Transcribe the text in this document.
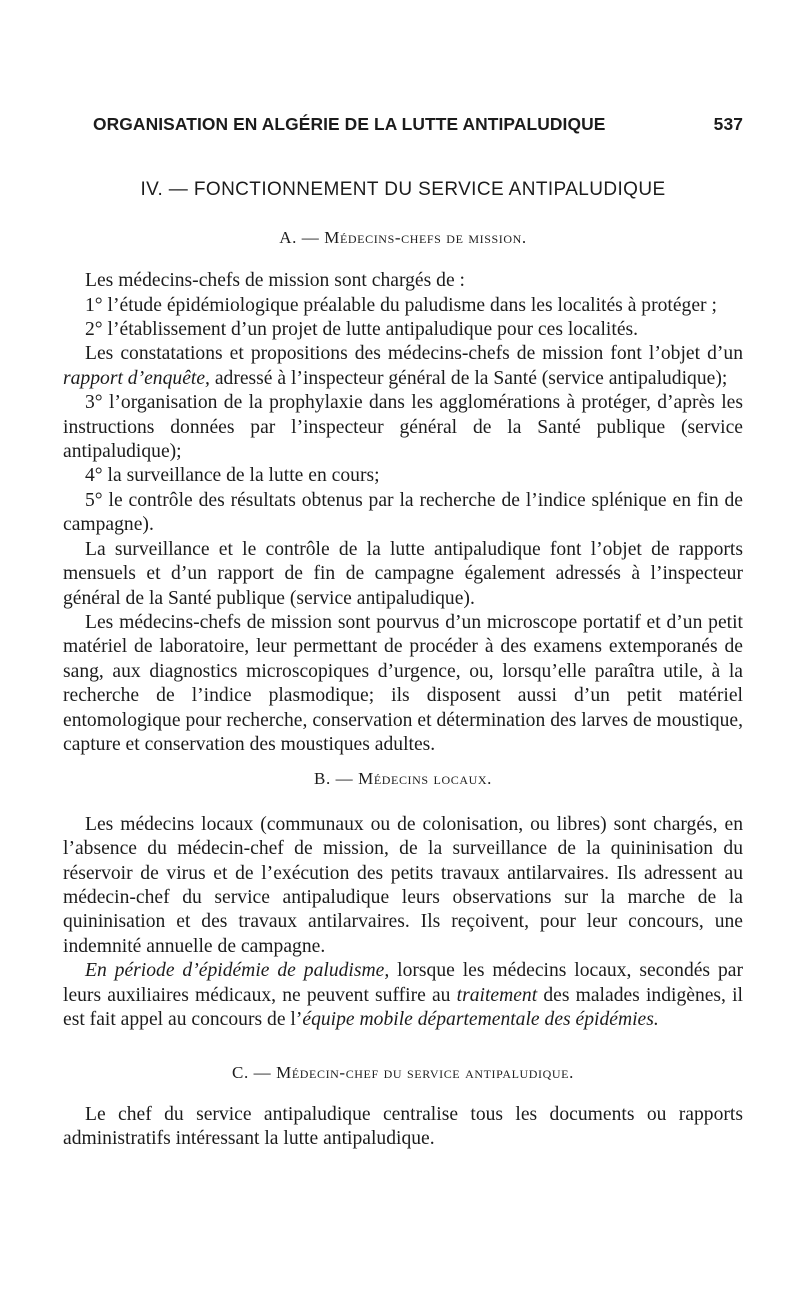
ORGANISATION EN ALGÉRIE DE LA LUTTE ANTIPALUDIQUE	537
IV. — FONCTIONNEMENT DU SERVICE ANTIPALUDIQUE
A. — Médecins-chefs de mission.

Les médecins-chefs de mission sont chargés de :

1° l’étude épidémiologique préalable du paludisme dans les localités à protéger ;

2° l’établissement d’un projet de lutte antipaludique pour ces localités.

Les constatations et propositions des médecins-chefs de mission font l’objet d’un rapport d’enquête, adressé à l’inspecteur général de la Santé (service antipaludique);

3° l’organisation de la prophylaxie dans les agglomérations à protéger, d’après les instructions données par l’inspecteur général de la Santé publique (service antipaludique);

4° la surveillance de la lutte en cours;

5° le contrôle des résultats obtenus par la recherche de l’indice splénique en fin de campagne).

La surveillance et le contrôle de la lutte antipaludique font l’objet de rapports mensuels et d’un rapport de fin de campagne également adressés à l’inspecteur général de la Santé publique (service antipaludique).

Les médecins-chefs de mission sont pourvus d’un microscope portatif et d’un petit matériel de laboratoire, leur permettant de procéder à des examens extemporanés de sang, aux diagnostics microscopiques d’urgence, ou, lorsqu’elle paraîtra utile, à la recherche de l’indice plasmodique; ils disposent aussi d’un petit matériel entomologique pour recherche, conservation et détermination des larves de moustique, capture et conservation des moustiques adultes.

B. — Médecins locaux.

Les médecins locaux (communaux ou de colonisation, ou libres) sont chargés, en l’absence du médecin-chef de mission, de la surveillance de la quininisation du réservoir de virus et de l’exécution des petits travaux antilarvaires. Ils adressent au médecin-chef du service antipaludique leurs observations sur la marche de la quininisation et des travaux antilarvaires. Ils reçoivent, pour leur concours, une indemnité annuelle de campagne.

En période d’épidémie de paludisme, lorsque les médecins locaux, secondés par leurs auxiliaires médicaux, ne peuvent suffire au traitement des malades indigènes, il est fait appel au concours de l’équipe mobile départementale des épidémies.

C. — Médecin-chef du service antipaludique.

Le chef du service antipaludique centralise tous les documents ou rapports administratifs intéressant la lutte antipaludique.
